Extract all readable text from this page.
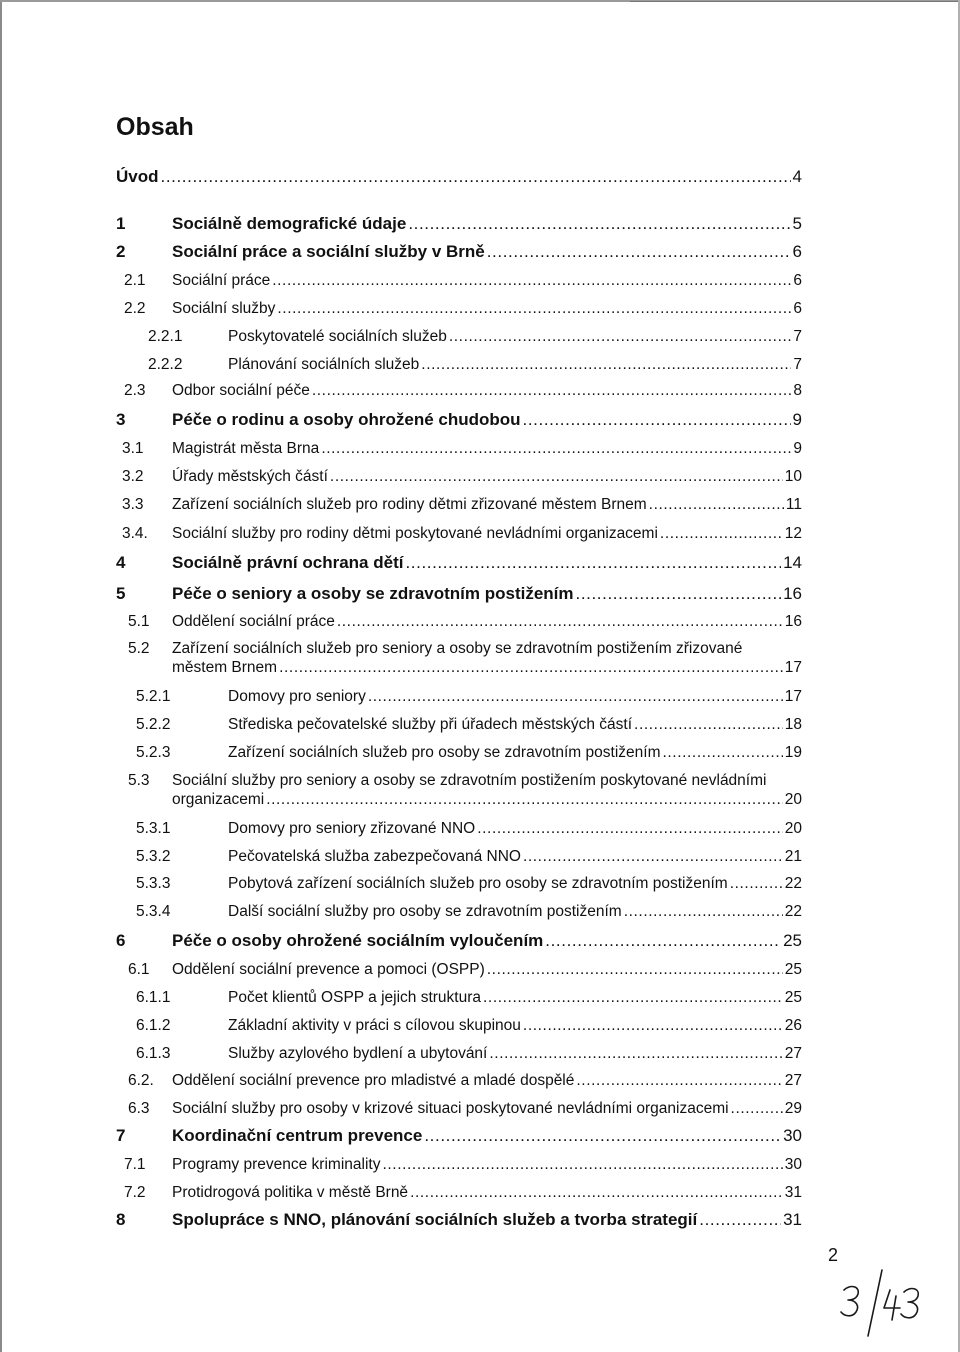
Obsah
Úvod .....	4
1	Sociálně demografické údaje .....	5
2	Sociální práce a sociální služby v Brně .....	6
2.1	Sociální práce .....	6
2.2	Sociální služby .....	6
2.2.1	Poskytovatelé sociálních služeb .....	7
2.2.2	Plánování sociálních služeb .....	7
2.3	Odbor sociální péče .....	8
3	Péče o rodinu a osoby ohrožené chudobou .....	9
3.1	Magistrát města Brna .....	9
3.2	Úřady městských částí .....	10
3.3	Zařízení sociálních služeb pro rodiny dětmi zřizované městem Brnem .....	11
3.4.	Sociální služby pro rodiny dětmi poskytované nevládními organizacemi .....	12
4	Sociálně právní ochrana dětí .....	14
5	Péče o seniory a osoby se zdravotním postižením .....	16
5.1	Oddělení sociální práce .....	16
5.2 Zařízení sociálních služeb pro seniory a osoby se zdravotním postižením zřizované
městem Brnem .....	17
5.2.1	Domovy pro seniory .....	17
5.2.2	Střediska pečovatelské služby při úřadech městských částí .....	18
5.2.3	Zařízení sociálních služeb pro osoby se zdravotním postižením .....	19
5.3 Sociální služby pro seniory a osoby se zdravotním postižením poskytované nevládními
organizacemi .....	20
5.3.1	Domovy pro seniory zřizované NNO .....	20
5.3.2	Pečovatelská služba zabezpečovaná NNO .....	21
5.3.3	Pobytová zařízení sociálních služeb pro osoby se zdravotním postižením .....	22
5.3.4	Další sociální služby pro osoby se zdravotním postižením .....	22
6	Péče o osoby ohrožené sociálním vyloučením .....	25
6.1	Oddělení sociální prevence a pomoci (OSPP) .....	25
6.1.1	Počet klientů OSPP a jejich struktura .....	25
6.1.2	Základní aktivity v práci s cílovou skupinou .....	26
6.1.3	Služby azylového bydlení a ubytování .....	27
6.2.	Oddělení sociální prevence pro mladistvé a mladé dospělé .....	27
6.3	Sociální služby pro osoby v krizové situaci poskytované nevládními organizacemi .....	29
7	Koordinační centrum prevence .....	30
7.1	Programy prevence kriminality .....	30
7.2	Protidrogová politika v městě Brně .....	31
8	Spolupráce s NNO, plánování sociálních služeb a tvorba strategií .....	31
2
